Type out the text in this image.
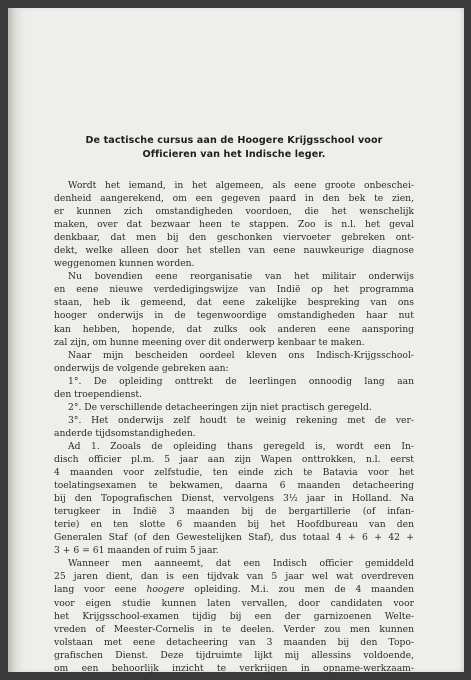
De tactische cursus aan de Hoogere Krijgsschool voor
Officieren van het Indische leger.
Wordt het iemand, in het algemeen, als eene groote onbeschei-
denheid aangerekend, om een gegeven paard in den bek te zien,
er kunnen zich omstandigheden voordoen, die het wenschelijk
maken, over dat bezwaar heen te stappen. Zoo is n.l. het geval
denkbaar, dat men bij den geschonken viervoeter gebreken ont-
dekt, welke alleen door het stellen van eene nauwkeurige diagnose
weggenomen kunnen worden.
Nu bovendien eene reorganisatie van het militair onderwijs
en eene nieuwe verdedigingswijze van Indië op het programma
staan, heb ik gemeend, dat eene zakelijke bespreking van ons
hooger onderwijs in de tegenwoordige omstandigheden haar nut
kan hebben, hopende, dat zulks ook anderen eene aansporing
zal zijn, om hunne meening over dit onderwerp kenbaar te maken.
Naar mijn bescheiden oordeel kleven ons Indisch-Krijgsschool-
onderwijs de volgende gebreken aan:
1°. De opleiding onttrekt de leerlingen onnoodig lang aan
den troependienst.
2°. De verschillende detacheeringen zijn niet practisch geregeld.
3°. Het onderwijs zelf houdt te weinig rekening met de ver-
anderde tijdsomstandigheden.
Ad 1. Zooals de opleiding thans geregeld is, wordt een In-
disch officier pl.m. 5 jaar aan zijn Wapen onttrokken, n.l. eerst
4 maanden voor zelfstudie, ten einde zich te Batavia voor het
toelatingsexamen te bekwamen, daarna 6 maanden detacheering
bij den Topografischen Dienst, vervolgens 3½ jaar in Holland. Na
terugkeer in Indië 3 maanden bij de bergartillerie (of infan-
terie) en ten slotte 6 maanden bij het Hoofdbureau van den
Generalen Staf (of den Gewestelijken Staf), dus totaal 4 + 6 + 42 +
3 + 6 = 61 maanden of ruim 5 jaar.
Wanneer men aanneemt, dat een Indisch officier gemiddeld
25 jaren dient, dan is een tijdvak van 5 jaar wel wat overdreven
lang voor eene hoogere opleiding. M.i. zou men de 4 maanden
voor eigen studie kunnen laten vervallen, door candidaten voor
het Krijgsschool-examen tijdig bij een der garnizoenen Welte-
vreden of Meester-Cornelis in te deelen. Verder zou men kunnen
volstaan met eene detacheering van 3 maanden bij den Topo-
grafischen Dienst. Deze tijdruimte lijkt mij allessins voldoende,
om een behoorlijk inzicht te verkrijgen in opname-werkzaam-
